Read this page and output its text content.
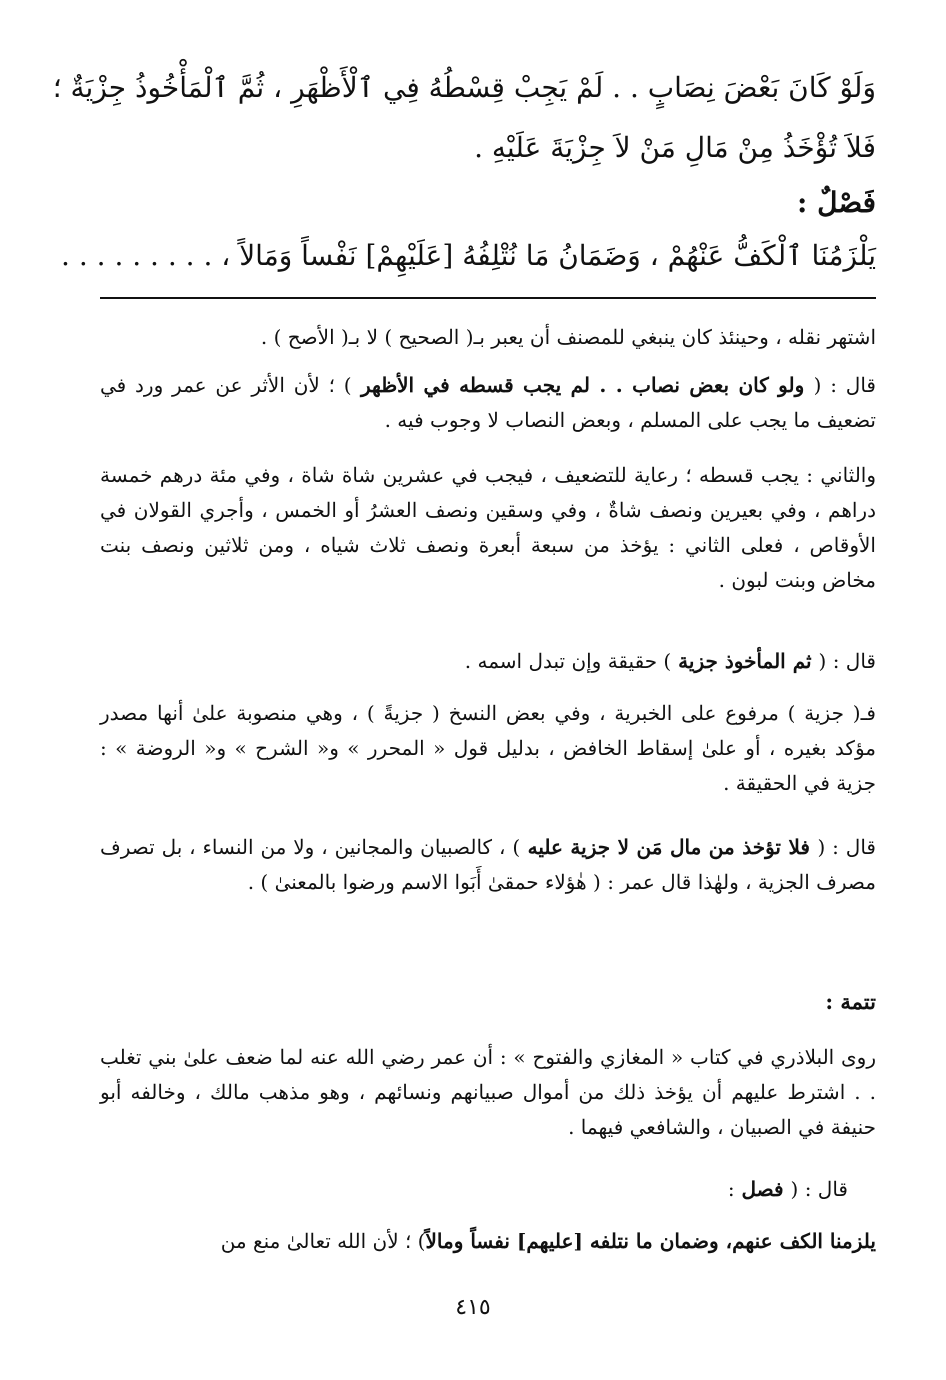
وَلَوْ كَانَ بَعْضَ نِصَابٍ . . لَمْ يَجِبْ قِسْطُهُ فِي ٱلْأَظْهَرِ ، ثُمَّ ٱلْمَأْخُوذُ جِزْيَةٌ ؛
فَلاَ تُؤْخَذُ مِنْ مَالِ مَنْ لاَ جِزْيَةَ عَلَيْهِ .
فَصْلٌ :
يَلْزَمُنَا ٱلْكَفُّ عَنْهُمْ ، وَضَمَانُ مَا نُتْلِفُهُ [عَلَيْهِمْ] نَفْساً وَمَالاً ، . . . . . . . . .

اشتهر نقله ، وحينئذ كان ينبغي للمصنف أن يعبر بـ( الصحيح ) لا بـ( الأصح ) .

قال : ( ولو كان بعض نصاب . . لم يجب قسطه في الأظهر ) ؛ لأن الأثر عن عمر ورد في تضعيف ما يجب على المسلم ، وبعض النصاب لا وجوب فيه .

والثاني : يجب قسطه ؛ رعاية للتضعيف ، فيجب في عشرين شاة شاة ، وفي مئة درهم خمسة دراهم ، وفي بعيرين ونصف شاةٌ ، وفي وسقين ونصف العشرُ أو الخمس ، وأجري القولان في الأوقاص ، فعلى الثاني : يؤخذ من سبعة أبعرة ونصف ثلاث شياه ، ومن ثلاثين ونصف بنت مخاض وبنت لبون .

قال : ( ثم المأخوذ جزية ) حقيقة وإن تبدل اسمه .

فـ( جزية ) مرفوع على الخبرية ، وفي بعض النسخ ( جزيةً ) ، وهي منصوبة علىٰ أنها مصدر مؤكد بغيره ، أو علىٰ إسقاط الخافض ، بدليل قول « المحرر » و« الشرح » و« الروضة » : جزية في الحقيقة .

قال : ( فلا تؤخذ من مال مَن لا جزية عليه ) ، كالصبيان والمجانين ، ولا من النساء ، بل تصرف مصرف الجزية ، ولهٰذا قال عمر : ( هٰؤلاء حمقىٰ أَبَوا الاسم ورضوا بالمعنىٰ ) .

تتمة :

روى البلاذري في كتاب « المغازي والفتوح » : أن عمر رضي الله عنه لما ضعف علىٰ بني تغلب . . اشترط عليهم أن يؤخذ ذلك من أموال صبيانهم ونسائهم ، وهو مذهب مالك ، وخالفه أبو حنيفة في الصبيان ، والشافعي فيهما .

قال : ( فصل :

يلزمنا الكف عنهم، وضمان ما نتلفه [عليهم] نفساً ومالاً) ؛ لأن الله تعالىٰ منع من

٤١٥
